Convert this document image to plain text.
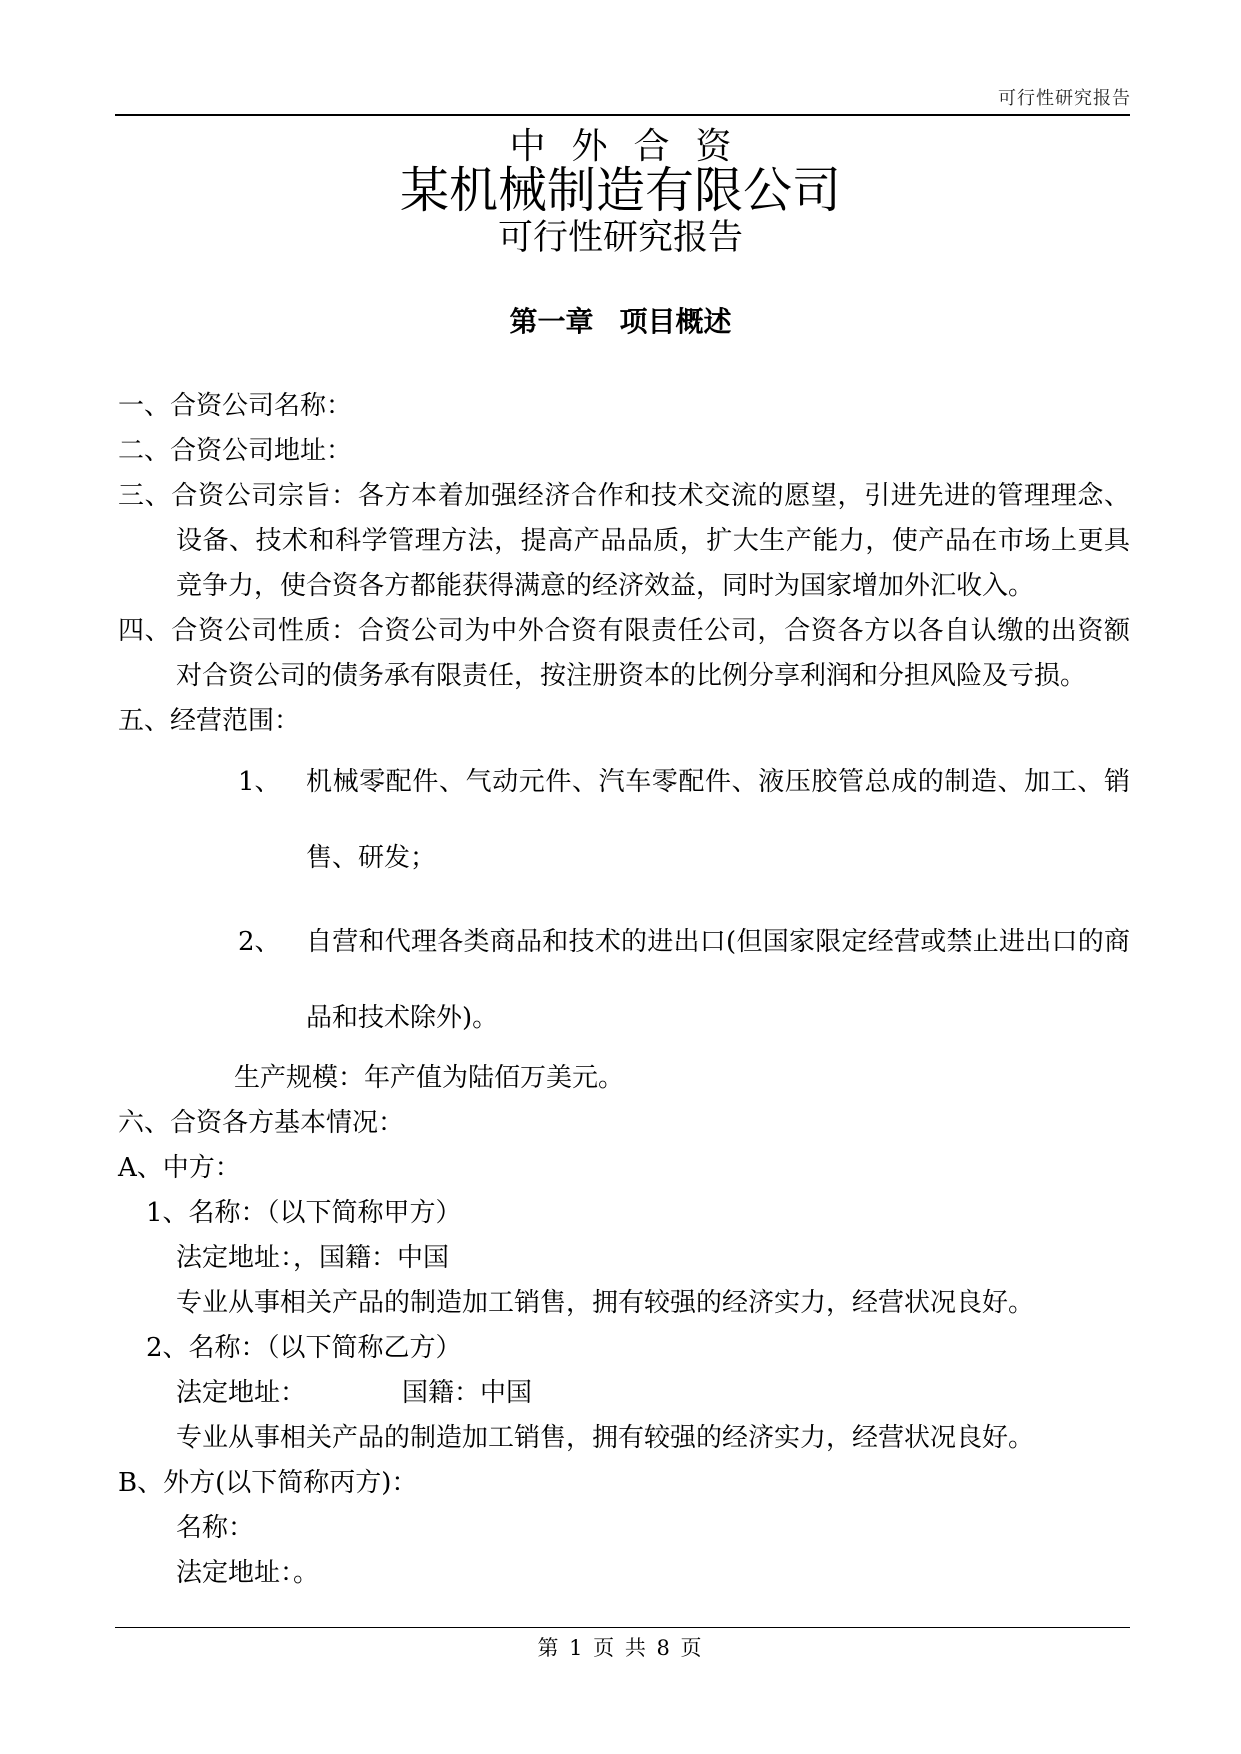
可行性研究报告
中外合资
某机械制造有限公司
可行性研究报告
第一章 项目概述

一、合资公司名称：

二、合资公司地址：

三、合资公司宗旨：各方本着加强经济合作和技术交流的愿望，引进先进的管理理念、设备、技术和科学管理方法，提高产品品质，扩大生产能力，使产品在市场上更具竞争力，使合资各方都能获得满意的经济效益，同时为国家增加外汇收入。

四、合资公司性质：合资公司为中外合资有限责任公司，合资各方以各自认缴的出资额对合资公司的债务承有限责任，按注册资本的比例分享利润和分担风险及亏损。

五、经营范围：

1、 机械零配件、气动元件、汽车零配件、液压胶管总成的制造、加工、销售、研发；
2、 自营和代理各类商品和技术的进出口(但国家限定经营或禁止进出口的商品和技术除外)。

生产规模：年产值为陆佰万美元。

六、合资各方基本情况：

A、中方：

1、名称：（以下简称甲方）

法定地址：，国籍：中国

专业从事相关产品的制造加工销售，拥有较强的经济实力，经营状况良好。

2、名称：（以下简称乙方）

法定地址：	国籍：中国

专业从事相关产品的制造加工销售，拥有较强的经济实力，经营状况良好。

B、外方(以下简称丙方)：

名称：

法定地址：。

第 1 页 共 8 页
